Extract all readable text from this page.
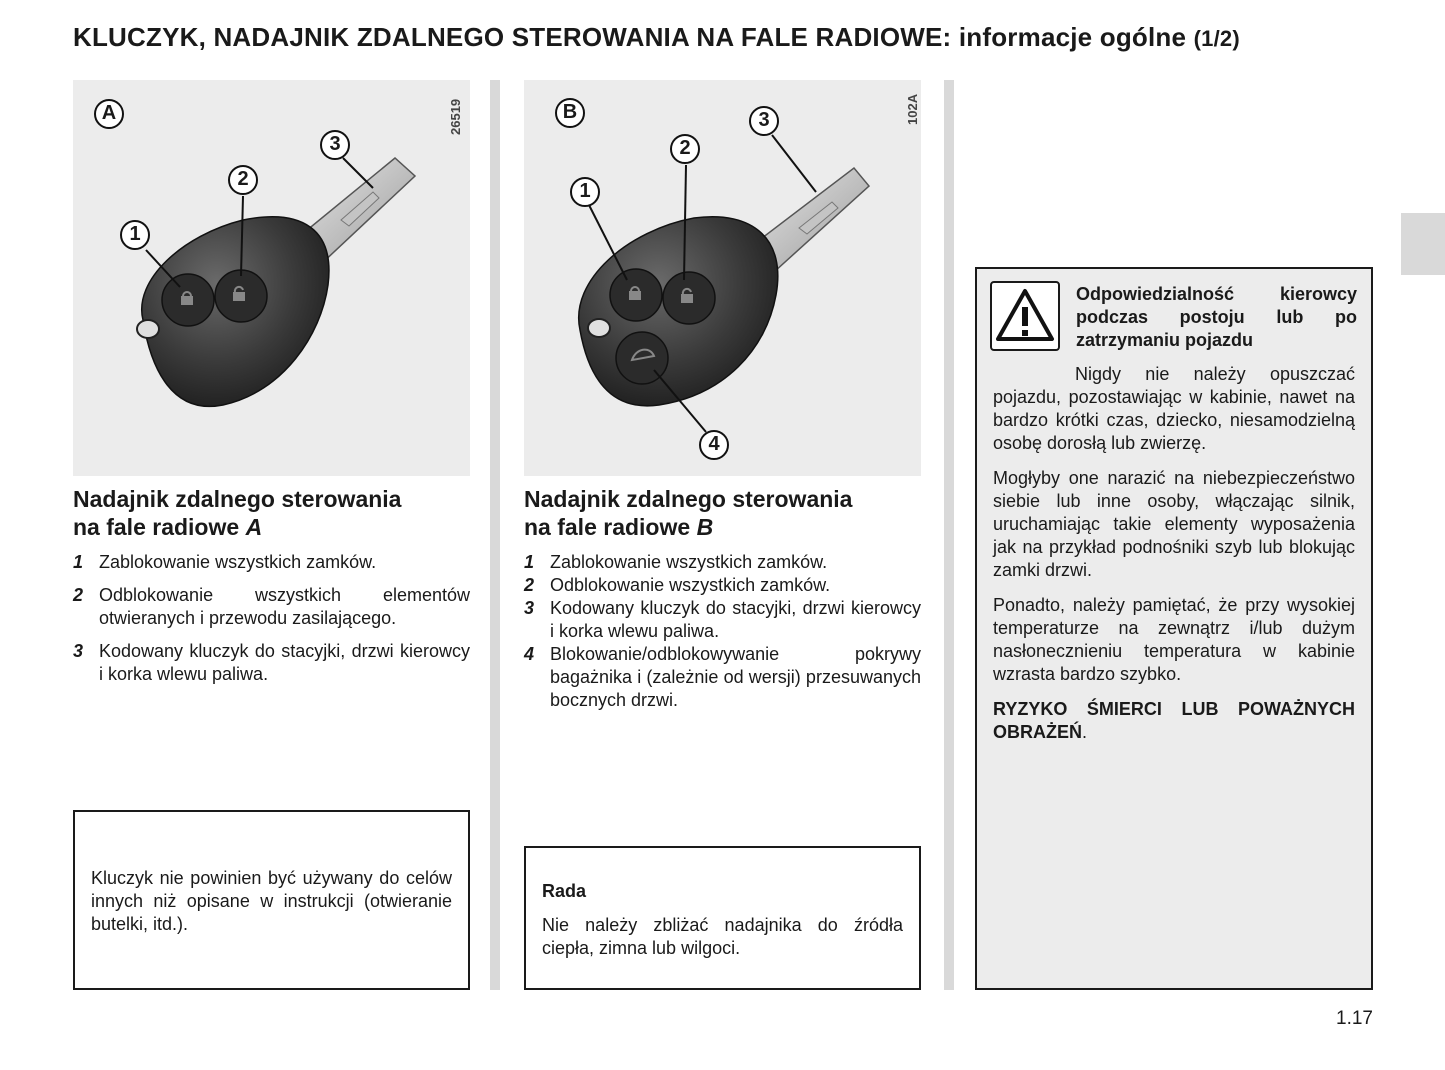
KLUCZYK, NADAJNIK ZDALNEGO STEROWANIA NA FALE RADIOWE: informacje ogólne (1/2)
A
1
2
3
26519	B
1
2
3
4
102A
Nadajnik zdalnego sterowania
na fale radiowe A
1 Zablokowanie wszystkich zamków.
2 Odblokowanie wszystkich elementów otwieranych i przewodu zasilającego.
3 Kodowany kluczyk do stacyjki, drzwi kierowcy i korka wlewu paliwa.

Kluczyk nie powinien być używany do celów innych niż opisane w instrukcji (otwieranie butelki, itd.).

Nadajnik zdalnego sterowania
na fale radiowe B
1 Zablokowanie wszystkich zamków.
2 Odblokowanie wszystkich zamków.
3 Kodowany kluczyk do stacyjki, drzwi kierowcy i korka wlewu paliwa.
4 Blokowanie/odblokowywanie pokrywy bagażnika i (zależnie od wersji) przesuwanych bocznych drzwi.

Rada

Nie należy zbliżać nadajnika do źródła ciepła, zimna lub wilgoci.

Odpowiedzialność kierowcy podczas postoju lub po zatrzymaniu pojazdu

Nigdy nie należy opuszczać pojazdu, pozostawiając w kabinie, nawet na bardzo krótki czas, dziecko, niesamodzielną osobę dorosłą lub zwierzę.

Mogłyby one narazić na niebezpieczeństwo siebie lub inne osoby, włączając silnik, uruchamiając takie elementy wyposażenia jak na przykład podnośniki szyb lub blokując zamki drzwi.

Ponadto, należy pamiętać, że przy wysokiej temperaturze na zewnątrz i/lub dużym nasłonecznieniu temperatura w kabinie wzrasta bardzo szybko.

RYZYKO ŚMIERCI LUB POWAŻNYCH OBRAŻEŃ.

1.17
